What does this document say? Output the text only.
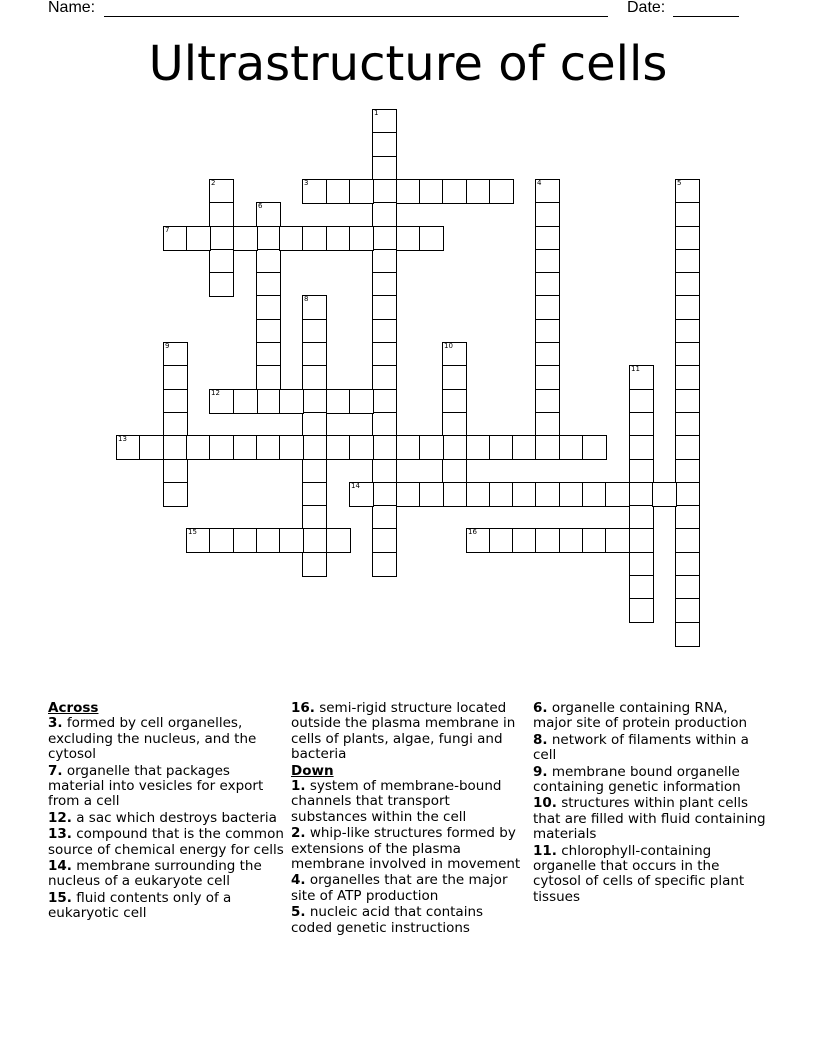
Name:	Date:
Ultrastructure of cells
1
2	3	4	5
6
7
8
9	10
11
12
13
14
15	16
Across
3. formed by cell organelles, excluding the nucleus, and the cytosol
7. organelle that packages material into vesicles for export from a cell
12. a sac which destroys bacteria
13. compound that is the common source of chemical energy for cells
14. membrane surrounding the nucleus of a eukaryote cell
15. fluid contents only of a eukaryotic cell
16. semi-rigid structure located outside the plasma membrane in cells of plants, algae, fungi and bacteria
Down
1. system of membrane-bound channels that transport substances within the cell
2. whip-like structures formed by extensions of the plasma membrane involved in movement
4. organelles that are the major site of ATP production
5. nucleic acid that contains coded genetic instructions
6. organelle containing RNA, major site of protein production
8. network of filaments within a cell
9. membrane bound organelle containing genetic information
10. structures within plant cells that are filled with fluid containing materials
11. chlorophyll-containing organelle that occurs in the cytosol of cells of specific plant tissues
